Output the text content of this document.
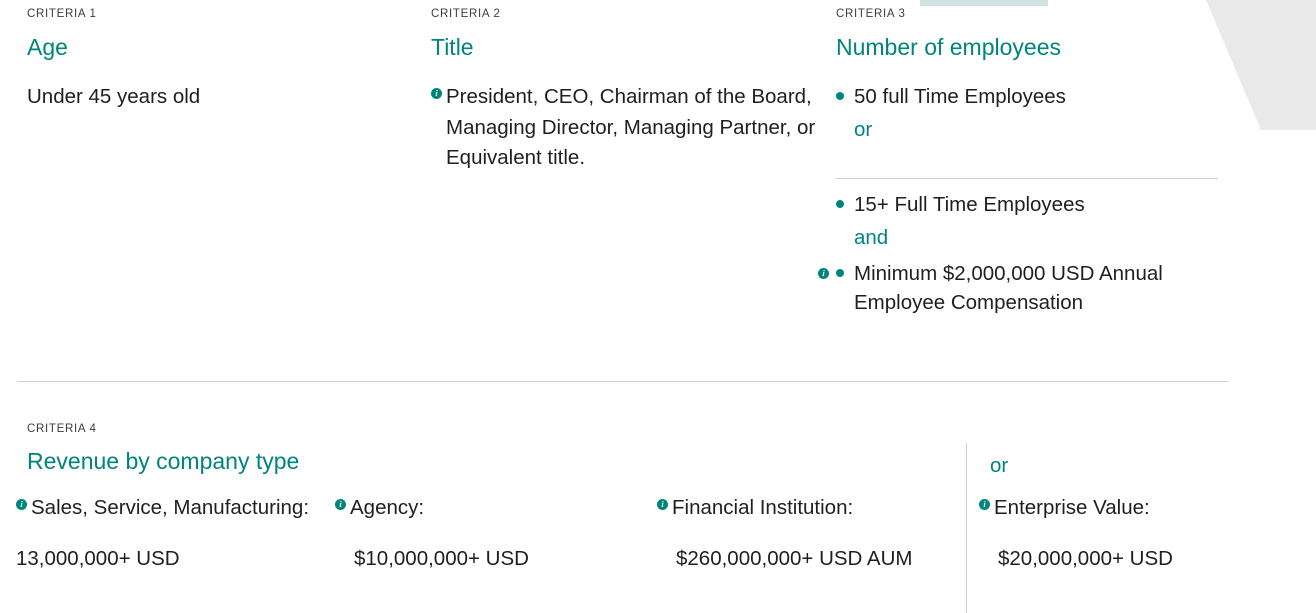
CRITERIA 1
Age
Under 45 years old
CRITERIA 2
Title
i President, CEO, Chairman of the Board, Managing Director, Managing Partner, or Equivalent title.
CRITERIA 3
Number of employees
50 full Time Employees
or
15+ Full Time Employees
and
Minimum $2,000,000 USD Annual Employee Compensation
i
CRITERIA 4
Revenue by company type	or
i Sales, Service, Manufacturing:
13,000,000+ USD
i Agency:
$10,000,000+ USD
i Financial Institution:
$260,000,000+ USD AUM
i Enterprise Value:
$20,000,000+ USD
